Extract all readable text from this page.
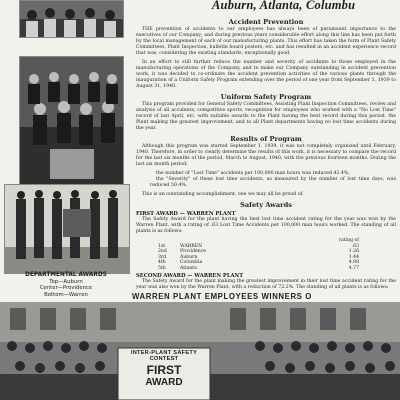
INTER-PLANT SAFETY CONTEST
FIRST
AWARD
Auburn, Atlanta, Columbu
Accident Prevention

THE prevention of accidents to our employees has always been of paramount importance to the executives of our Company; and during previous years considerable effort along this line has been put forth by the local management of each of our manufacturing plants. This effort has taken the form of Plant Safety Committees, Plant Inspection, bulletin board posters, etc. and has resulted in an accident experience record that was, considering the existing standards, exceptionally good.

In an effort to still further reduce the number and severity of accidents to those employed in the manufacturing operations of the Company, and to make our Company outstanding in accident prevention work, it was decided to co-ordinate the accident prevention activities of the various plants through the inauguration of a Uniform Safety Program extending over the period of one year from September 1, 1939 to August 31, 1940.

Uniform Safety Program

This program provided for General Safety Committees, Assisting Plant Inspection Committees, review and analysis of all accidents, competitive sports, recognition for employees who worked with a "No Lost Time" record of last April, etc, with suitable awards to the Plant having the best record during this period, the Plant making the greatest improvement, and to all Plant departments having no lost time accidents during the year.

Results of Program

Although this program was started September 1, 1939, it was not completely organized until February, 1940. Therefore, in order to clearly determine the results of this work, it is necessary to compare the record for the last six months of the period, March to August, 1940, with the previous fourteen months. During the last six month period:

the number of "Lost Time" accidents per 100,000 man hours was reduced 42.4%,

the "Severity" of these lost time accidents, as measured by the number of lost time days, was reduced 50.4%.

This is an outstanding accomplishment, one we may all be proud of.

Safety Awards
FIRST AWARD — WARREN PLANT

The Safety Award for the plant having the best lost time accident rating for the year was won by the Warren Plant, with a rating of .63 Lost Time Accidents per 100,000 man hours worked. The standing of all plants is as follows:

		rating of
1st	WARREN	.63
2nd	Providence	1.26
3rd	Auburn	1.44
4th	Columbia	4.98
5th	Atlanta	4.77
SECOND AWARD — WARREN PLANT

The Safety Award for the plant making the greatest improvement in their lost time accident rating for the year was also won by the Warren Plant, with a reduction of 72.2%. The standing of all plants is as follows:

DEPARTMENTAL AWARDS
Top—Auburn
Center—Providence
Bottom—Warren	WARREN PLANT EMPLOYEES WINNERS O
